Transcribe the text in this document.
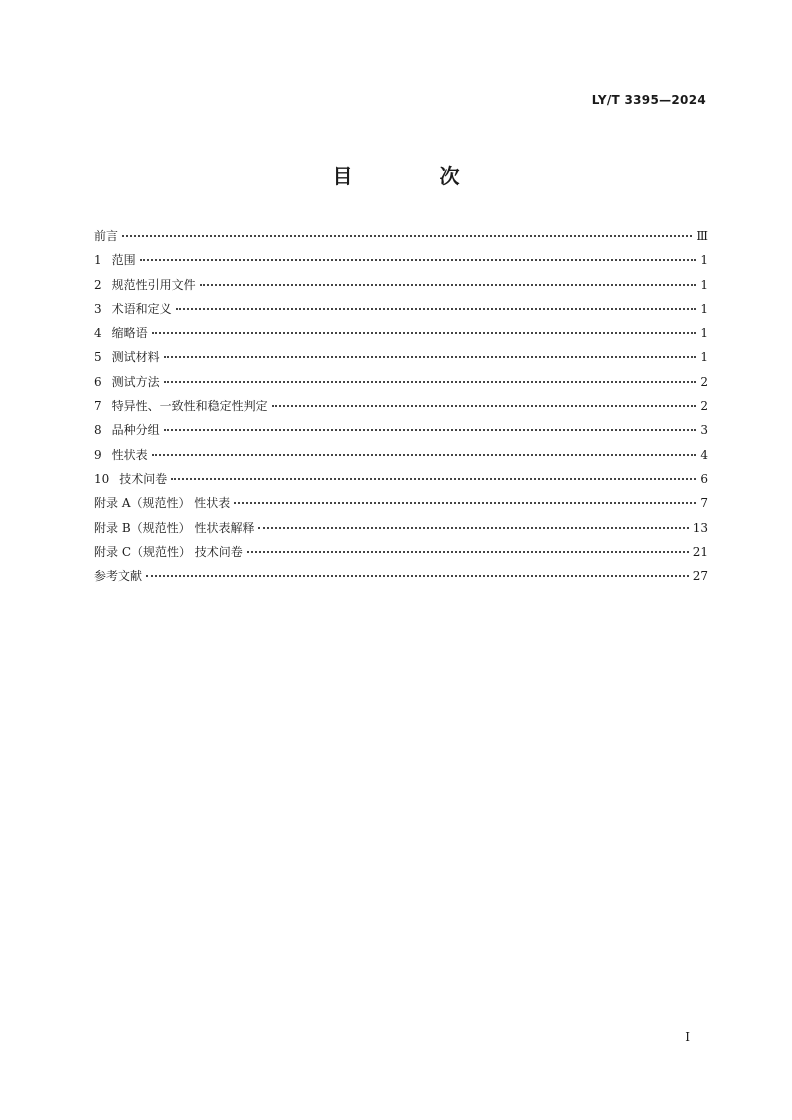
LY/T 3395—2024
目 次
前言	Ⅲ
1 范围	1
2 规范性引用文件	1
3 术语和定义	1
4 缩略语	1
5 测试材料	1
6 测试方法	2
7 特异性、一致性和稳定性判定	2
8 品种分组	3
9 性状表	4
10 技术问卷	6
附录 A（规范性） 性状表	7
附录 B（规范性） 性状表解释	13
附录 C（规范性） 技术问卷	21
参考文献	27
I
